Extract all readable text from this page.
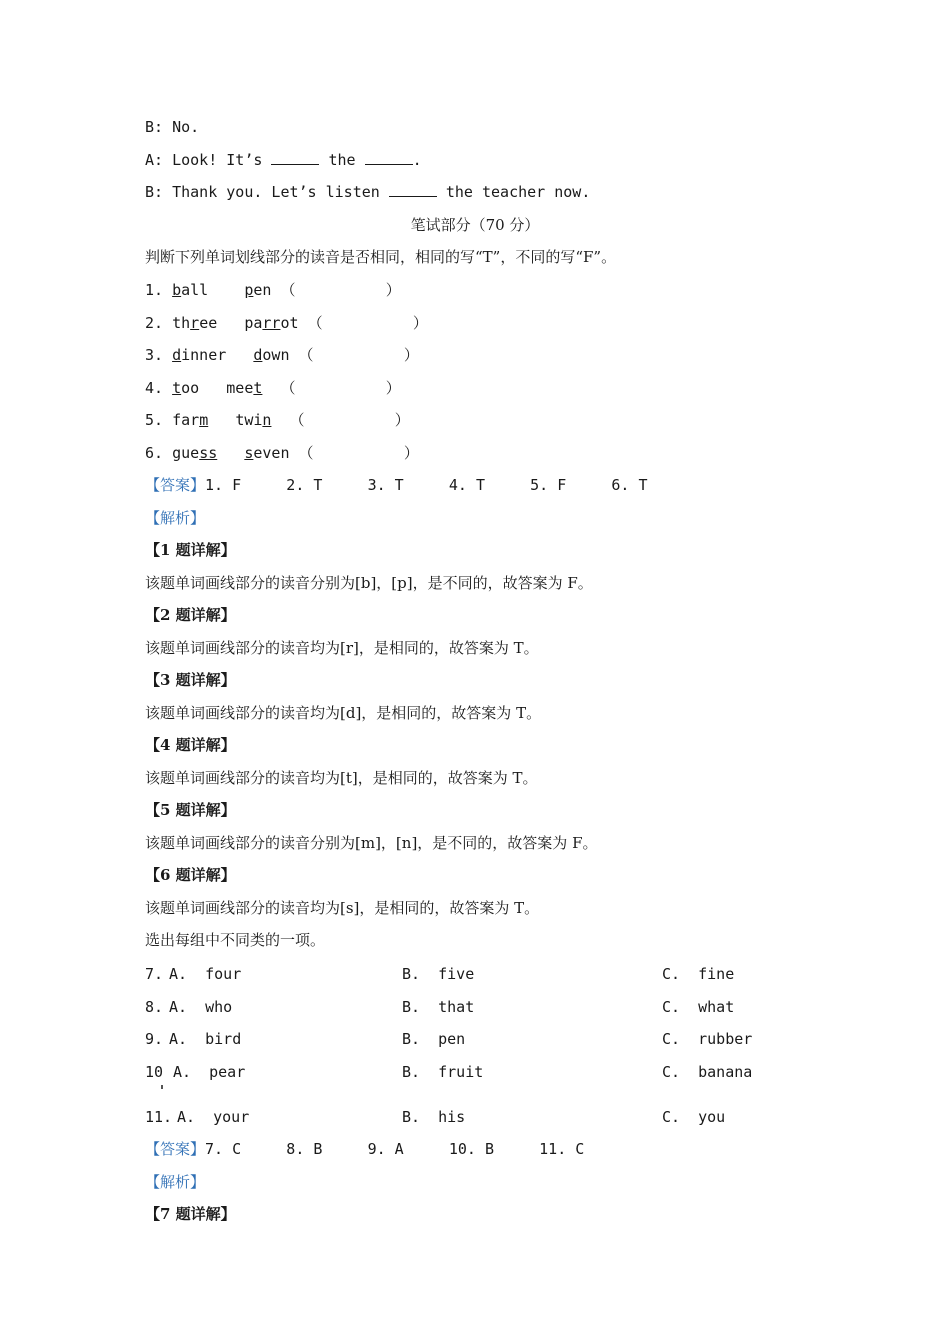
B: No.
A: Look! It’s	the	.
B: Thank you. Let’s listen	the teacher now.
笔试部分（70 分）
判断下列单词划线部分的读音是否相同，相同的写“T”，不同的写“F”。
1. ball pen （          ）
2. three parrot （          ）
3. dinner down （          ）
4. too meet （          ）
5. farm twin （          ）
6. guess seven （          ）
【答案】1. F     2. T     3. T     4. T     5. F     6. T
【解析】
【1 题详解】
该题单词画线部分的读音分别为[b]，[p]，是不同的，故答案为 F。
【2 题详解】
该题单词画线部分的读音均为[r]，是相同的，故答案为 T。
【3 题详解】
该题单词画线部分的读音均为[d]，是相同的，故答案为 T。
【4 题详解】
该题单词画线部分的读音均为[t]，是相同的，故答案为 T。
【5 题详解】
该题单词画线部分的读音分别为[m]，[n]，是不同的，故答案为 F。
【6 题详解】
该题单词画线部分的读音均为[s]，是相同的，故答案为 T。
选出每组中不同类的一项。
7. A.  four	B.  five	C.  fine
8. A.  who	B.  that	C.  what
9. A.  bird	B.  pen	C.  rubber
10 A.  pear	B.  fruit	C.  banana
11. A.  your	B.  his	C.  you
【答案】7. C     8. B     9. A     10. B     11. C
【解析】
【7 题详解】
